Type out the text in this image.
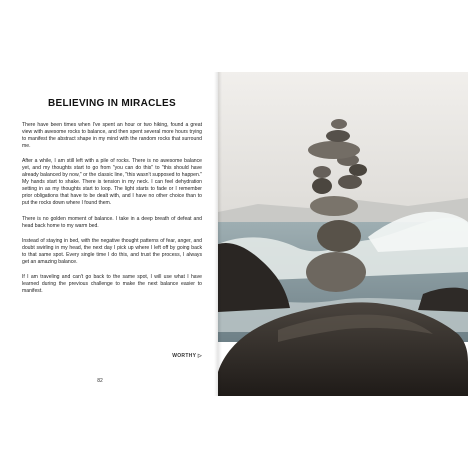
BELIEVING IN MIRACLES

There have been times when I've spent an hour or two hiking, found a great view with awesome rocks to balance, and then spent several more hours trying to manifest the abstract shape in my mind with the random rocks that surround me.

After a while, I am still left with a pile of rocks. There is no awesome balance yet, and my thoughts start to go from "you can do this" to "this should have already balanced by now," or the classic line, "this wasn't supposed to happen." My hands start to shake. There is tension in my neck. I can feel dehydration setting in as my thoughts start to loop. The light starts to fade or I remember prior obligations that have to be dealt with, and I have no other choice than to put the rocks down where I found them.

There is no golden moment of balance. I take in a deep breath of defeat and head back home to my warm bed.

Instead of staying in bed, with the negative thought patterns of fear, anger, and doubt swirling in my head, the next day I pick up where I left off by going back to that same spot. Every single time I do this, and trust the process, I always get an amazing balance.

If I am traveling and can't go back to the same spot, I will use what I have learned during the previous challenge to make the next balance easier to manifest.

WORTHY ▷
82
